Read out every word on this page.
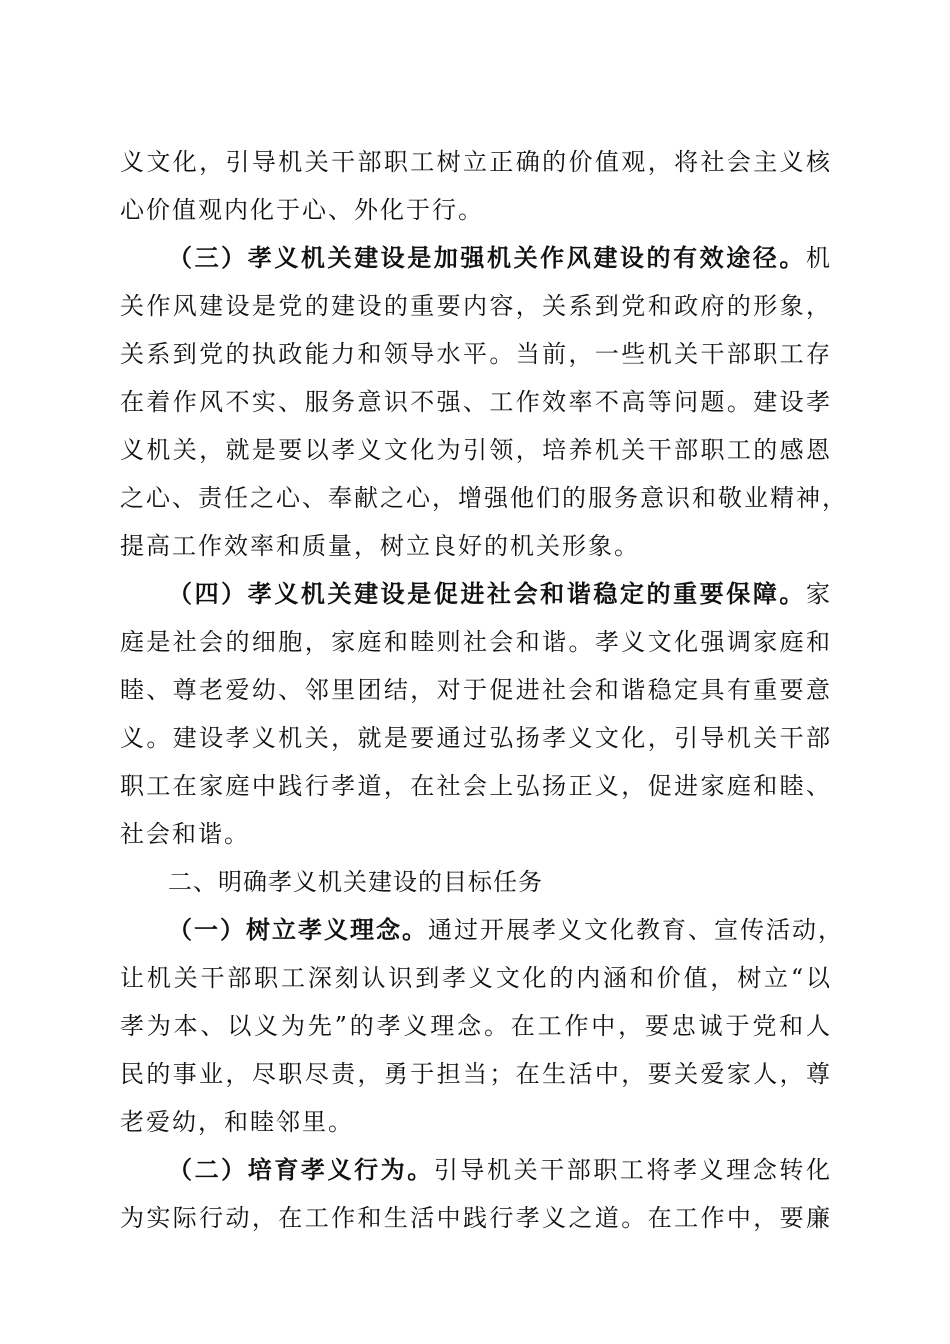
义文化，引导机关干部职工树立正确的价值观，将社会主义核
心价值观内化于心、外化于行。
（三）孝义机关建设是加强机关作风建设的有效途径。机
关作风建设是党的建设的重要内容，关系到党和政府的形象，
关系到党的执政能力和领导水平。当前，一些机关干部职工存
在着作风不实、服务意识不强、工作效率不高等问题。建设孝
义机关，就是要以孝义文化为引领，培养机关干部职工的感恩
之心、责任之心、奉献之心，增强他们的服务意识和敬业精神，
提高工作效率和质量，树立良好的机关形象。
（四）孝义机关建设是促进社会和谐稳定的重要保障。家
庭是社会的细胞，家庭和睦则社会和谐。孝义文化强调家庭和
睦、尊老爱幼、邻里团结，对于促进社会和谐稳定具有重要意
义。建设孝义机关，就是要通过弘扬孝义文化，引导机关干部
职工在家庭中践行孝道，在社会上弘扬正义，促进家庭和睦、
社会和谐。
二、明确孝义机关建设的目标任务
（一）树立孝义理念。通过开展孝义文化教育、宣传活动，
让机关干部职工深刻认识到孝义文化的内涵和价值，树立“以
孝为本、以义为先”的孝义理念。在工作中，要忠诚于党和人
民的事业，尽职尽责，勇于担当；在生活中，要关爱家人，尊
老爱幼，和睦邻里。
（二）培育孝义行为。引导机关干部职工将孝义理念转化
为实际行动，在工作和生活中践行孝义之道。在工作中，要廉
